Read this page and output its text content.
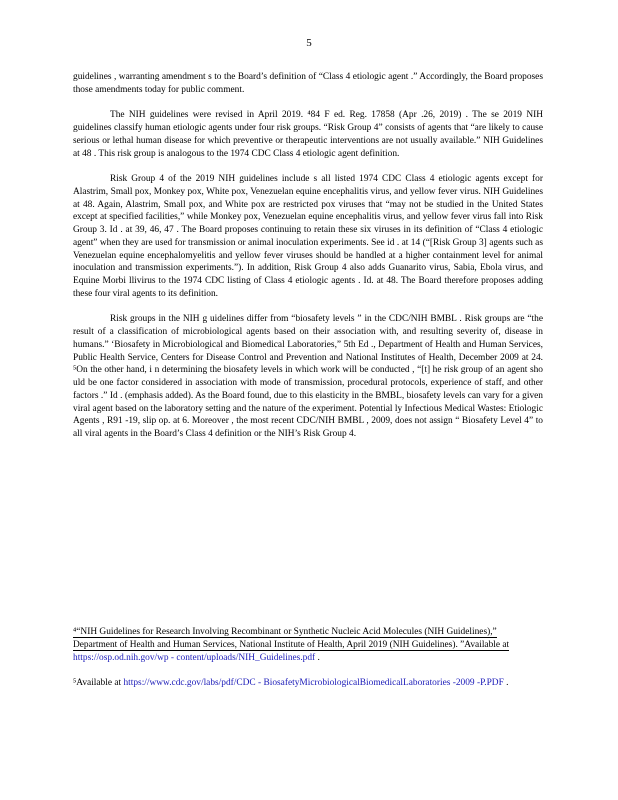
5

guidelines , warranting amendment s to the Board’s definition of “Class 4 etiologic agent .” Accordingly, the Board proposes those amendments today for public comment.

The NIH guidelines were revised in April 2019. ⁴84 F ed. Reg. 17858 (Apr .26, 2019) . The se 2019 NIH guidelines classify human etiologic agents under four risk groups. “Risk Group 4” consists of agents that “are likely to cause serious or lethal human disease for which preventive or therapeutic interventions are not usually available.” NIH Guidelines at 48 . This risk group is analogous to the 1974 CDC Class 4 etiologic agent definition.

Risk Group 4 of the 2019 NIH guidelines include s all listed 1974 CDC Class 4 etiologic agents except for Alastrim, Small pox, Monkey pox, White pox, Venezuelan equine encephalitis virus, and yellow fever virus. NIH Guidelines at 48. Again, Alastrim, Small pox, and White pox are restricted pox viruses that “may not be studied in the United States except at specified facilities,” while Monkey pox, Venezuelan equine encephalitis virus, and yellow fever virus fall into Risk Group 3. Id . at 39, 46, 47 . The Board proposes continuing to retain these six viruses in its definition of “Class 4 etiologic agent” when they are used for transmission or animal inoculation experiments. See id . at 14 (“[Risk Group 3] agents such as Venezuelan equine encephalomyelitis and yellow fever viruses should be handled at a higher containment level for animal inoculation and transmission experiments.”). In addition, Risk Group 4 also adds Guanarito virus, Sabia, Ebola virus, and Equine Morbi llivirus to the 1974 CDC listing of Class 4 etiologic agents . Id. at 48. The Board therefore proposes adding these four viral agents to its definition.

Risk groups in the NIH g uidelines differ from “biosafety levels ” in the CDC/NIH BMBL . Risk groups are “the result of a classification of microbiological agents based on their association with, and resulting severity of, disease in humans.” ‘Biosafety in Microbiological and Biomedical Laboratories,” 5th Ed ., Department of Health and Human Services, Public Health Service, Centers for Disease Control and Prevention and National Institutes of Health, December 2009 at 24. ⁵On the other hand, i n determining the biosafety levels in which work will be conducted , “[t] he risk group of an agent sho uld be one factor considered in association with mode of transmission, procedural protocols, experience of staff, and other factors .” Id . (emphasis added). As the Board found, due to this elasticity in the BMBL, biosafety levels can vary for a given viral agent based on the laboratory setting and the nature of the experiment. Potential ly Infectious Medical Wastes: Etiologic Agents , R91 -19, slip op. at 6. Moreover , the most recent CDC/NIH BMBL , 2009, does not assign “ Biosafety Level 4” to all viral agents in the Board’s Class 4 definition or the NIH’s Risk Group 4.

⁴“NIH Guidelines for Research Involving Recombinant or Synthetic Nucleic Acid Molecules (NIH Guidelines),” Department of Health and Human Services, National Institute of Health, April 2019 (NIH Guidelines). ”Available at https://osp.od.nih.gov/wp - content/uploads/NIH_Guidelines.pdf .
⁵Available at https://www.cdc.gov/labs/pdf/CDC - BiosafetyMicrobiologicalBiomedicalLaboratories -2009 -P.PDF .
